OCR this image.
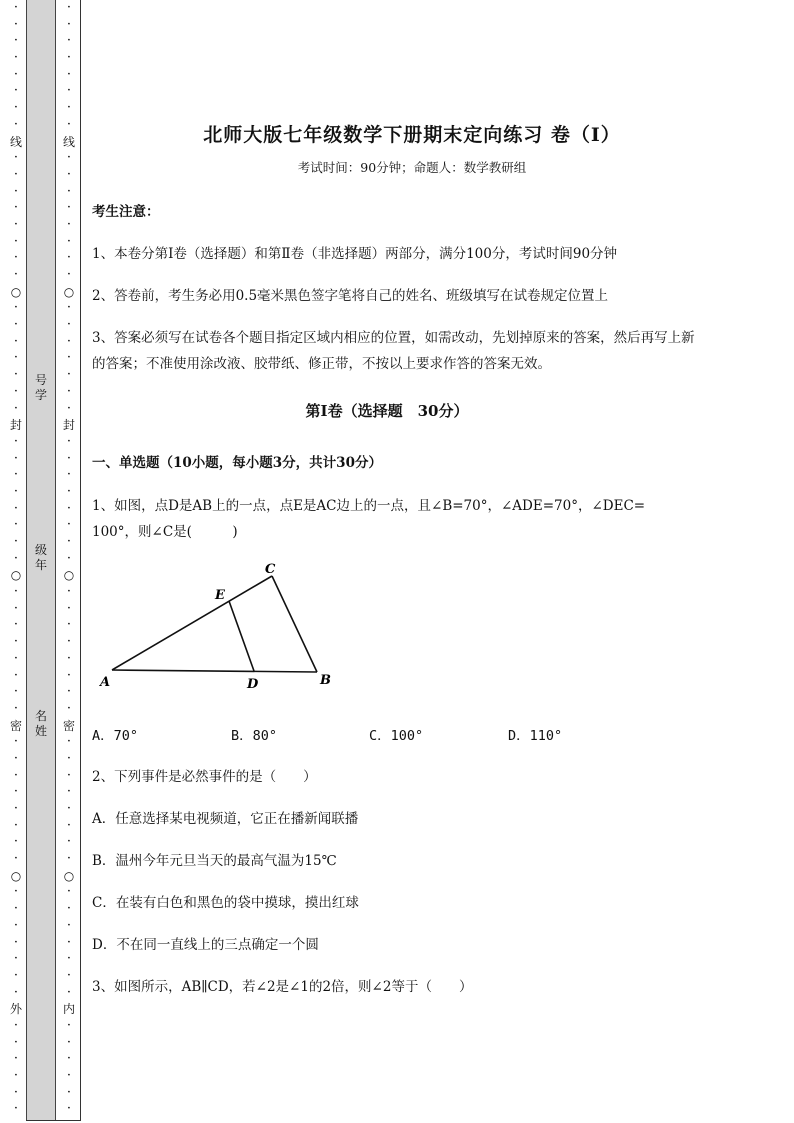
·
·
·
·
·
·
·
·
线
·
·
·
·
·
·
·
·
○
·
·
·
·
·
·
·
封
·
·
·
·
·
·
·
·
○
·
·
·
·
·
·
·
·
密
·
·
·
·
·
·
·
·
○
·
·
·
·
·
·
·
外
·
·
·
·
·
·
·
·
·
·
·
·
·
·
线
·
·
·
·
·
·
·
·
○
·
·
·
·
·
·
·
封
·
·
·
·
·
·
·
·
○
·
·
·
·
·
·
·
·
密
·
·
·
·
·
·
·
·
○
·
·
·
·
·
·
·
内
·
·
·
·
·
·
号
学
级
年
名
姓
北师大版七年级数学下册期末定向练习 卷（Ⅰ）
考试时间：90分钟；命题人：数学教研组
考生注意：
1、本卷分第I卷（选择题）和第Ⅱ卷（非选择题）两部分，满分100分，考试时间90分钟
2、答卷前，考生务必用0.5毫米黑色签字笔将自己的姓名、班级填写在试卷规定位置上
3、答案必须写在试卷各个题目指定区域内相应的位置，如需改动，先划掉原来的答案，然后再写上新
的答案；不准使用涂改液、胶带纸、修正带，不按以上要求作答的答案无效。
第I卷（选择题　30分）
一、单选题（10小题，每小题3分，共计30分）
1、如图，点D是AB上的一点，点E是AC边上的一点，且∠B=70°，∠ADE=70°，∠DEC=
100°，则∠C是(　　　)
A．70°	B．80°	C．100°	D．110°
2、下列事件是必然事件的是（　　）
A．任意选择某电视频道，它正在播新闻联播
B．温州今年元旦当天的最高气温为15℃
C．在装有白色和黑色的袋中摸球，摸出红球
D．不在同一直线上的三点确定一个圆
3、如图所示，AB∥CD，若∠2是∠1的2倍，则∠2等于（　　）
A	B
C
D
E
